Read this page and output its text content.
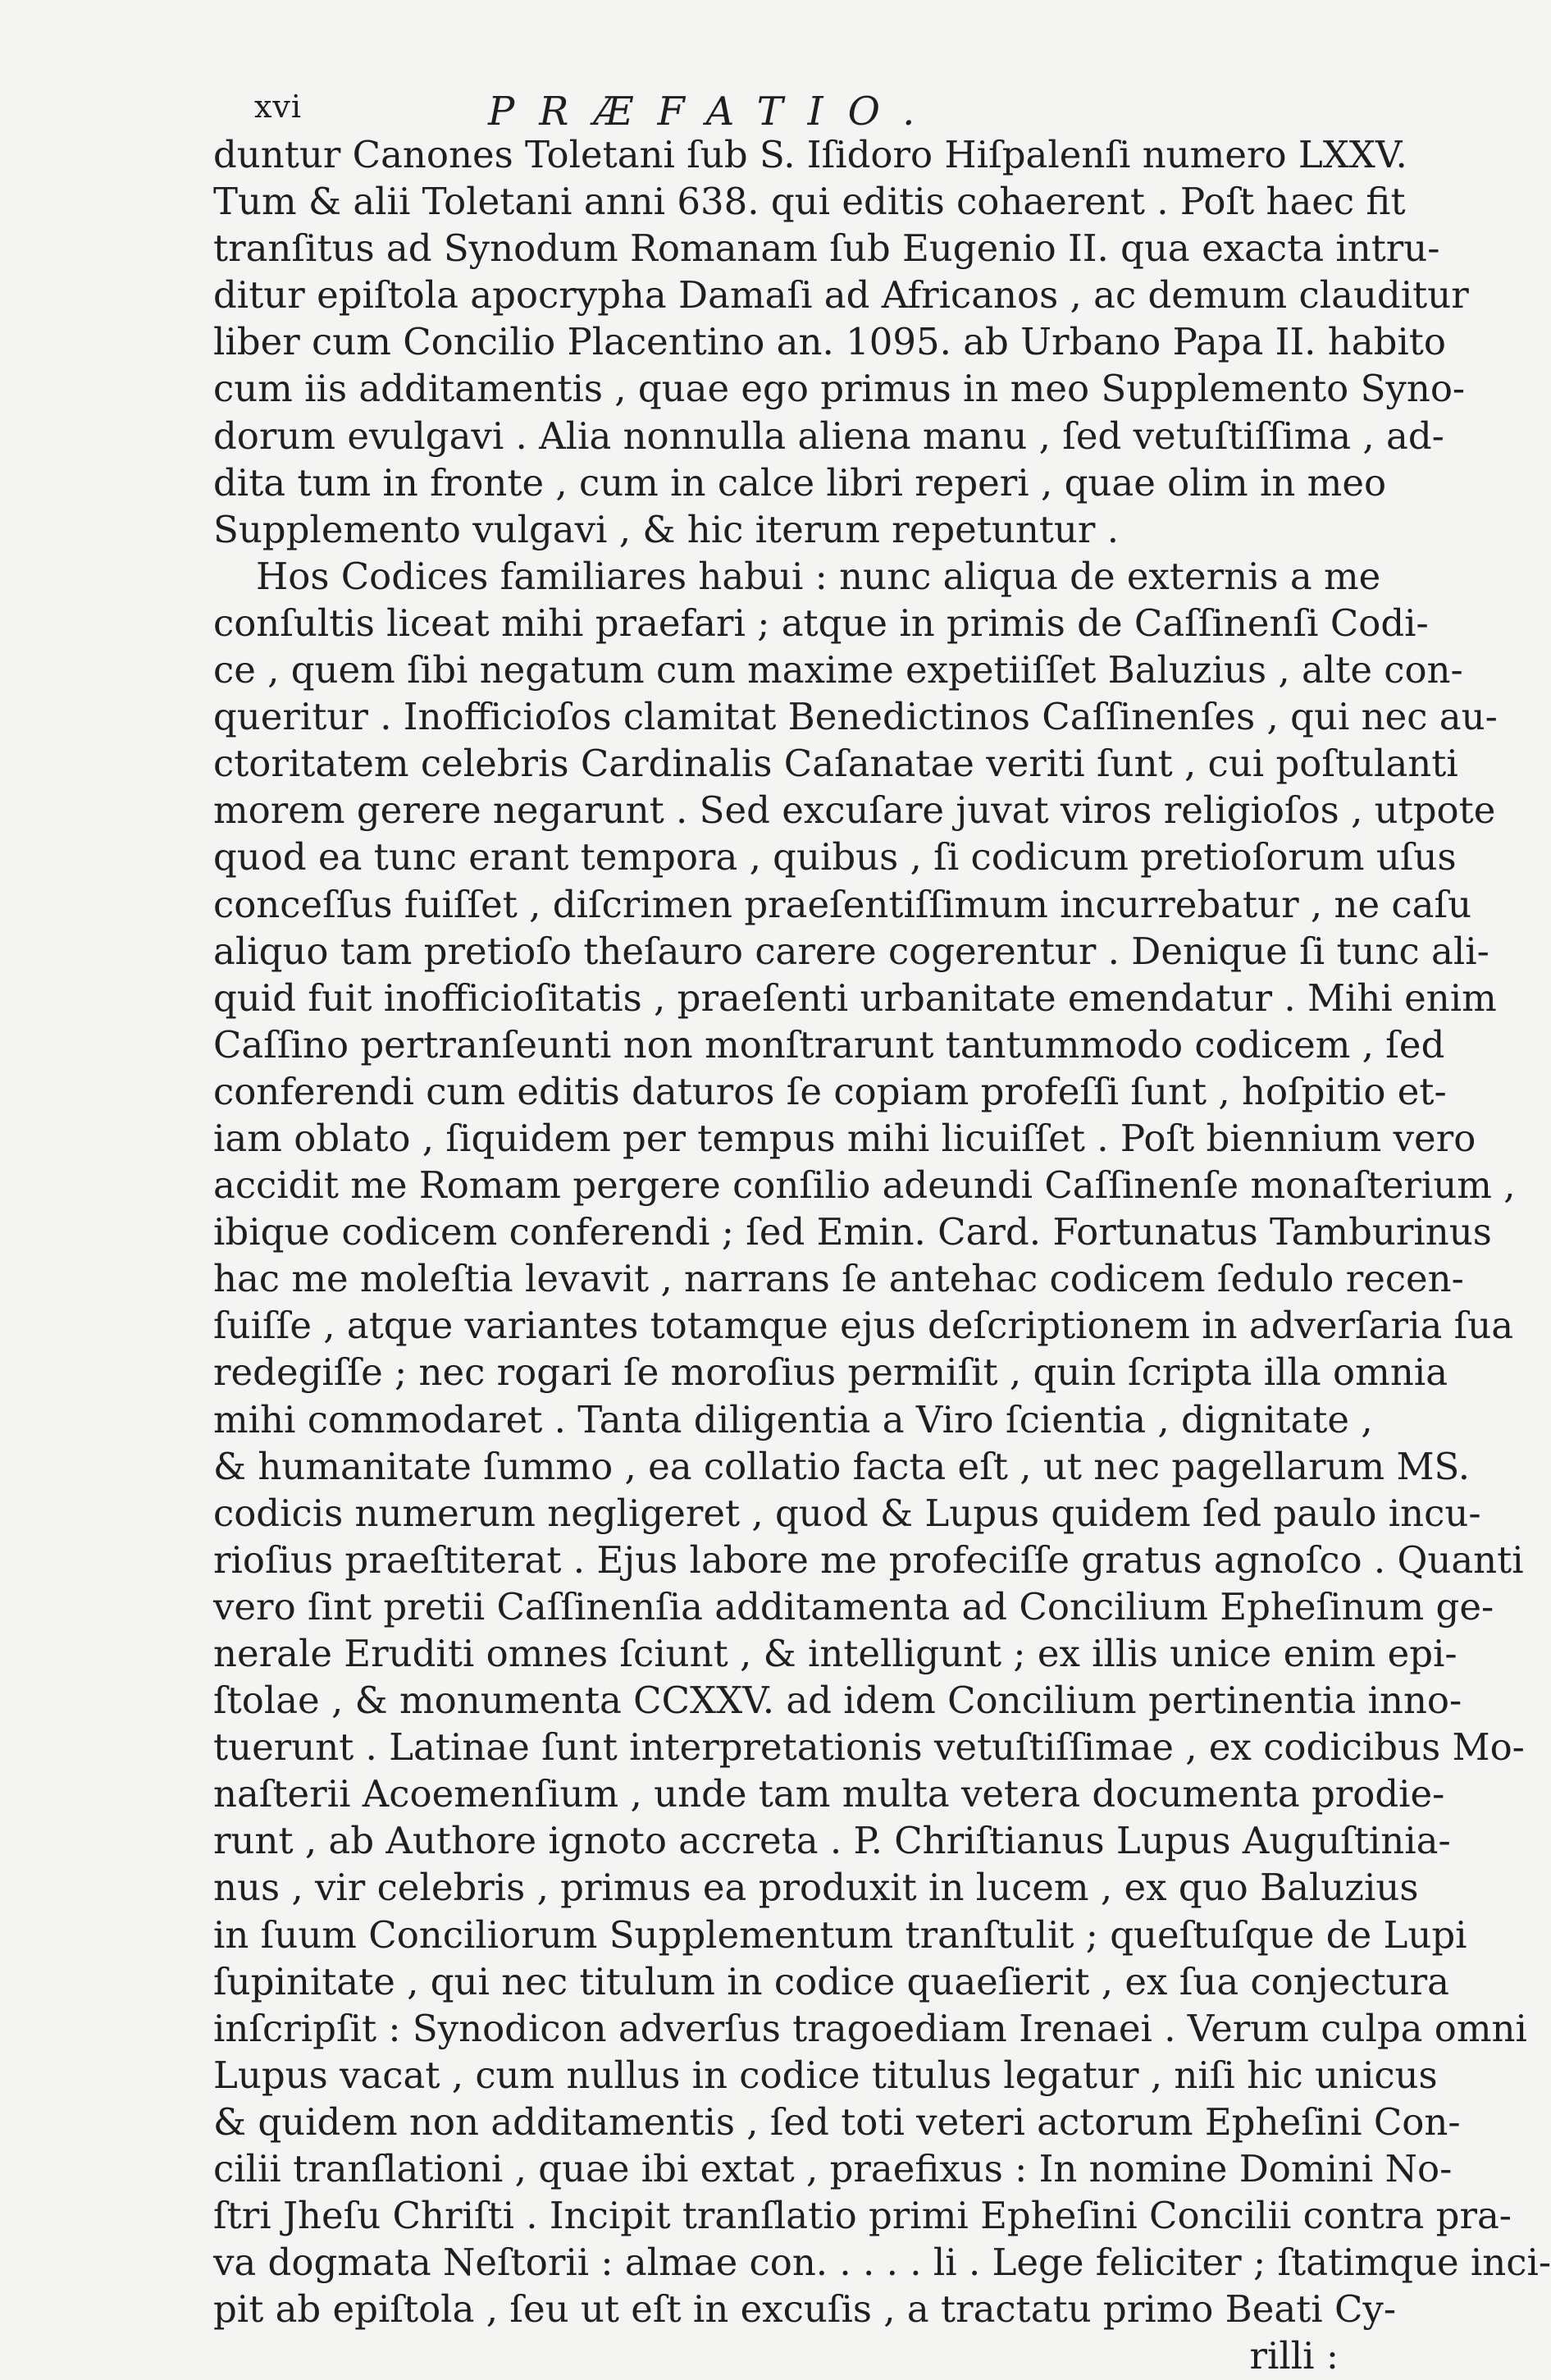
xvi	PRÆFATIO.
duntur Canones Toletani ſub S. Iſidoro Hiſpalenſi numero LXXV.
Tum & alii Toletani anni 638. qui editis cohaerent . Poſt haec fit
tranſitus ad Synodum Romanam ſub Eugenio II. qua exacta intru-
ditur epiſtola apocrypha Damaſi ad Africanos , ac demum clauditur
liber cum Concilio Placentino an. 1095. ab Urbano Papa II. habito
cum iis additamentis , quae ego primus in meo Supplemento Syno-
dorum evulgavi . Alia nonnulla aliena manu , ſed vetuſtiſſima , ad-
dita tum in fronte , cum in calce libri reperi , quae olim in meo
Supplemento vulgavi , & hic iterum repetuntur .
Hos Codices familiares habui : nunc aliqua de externis a me
conſultis liceat mihi praefari ; atque in primis de Caſſinenſi Codi-
ce , quem ſibi negatum cum maxime expetiiſſet Baluzius , alte con-
queritur . Inofficioſos clamitat Benedictinos Caſſinenſes , qui nec au-
ctoritatem celebris Cardinalis Caſanatae veriti ſunt , cui poſtulanti
morem gerere negarunt . Sed excuſare juvat viros religioſos , utpote
quod ea tunc erant tempora , quibus , ſi codicum pretioſorum uſus
conceſſus fuiſſet , diſcrimen praeſentiſſimum incurrebatur , ne caſu
aliquo tam pretioſo theſauro carere cogerentur . Denique ſi tunc ali-
quid fuit inofficioſitatis , praeſenti urbanitate emendatur . Mihi enim
Caſſino pertranſeunti non monſtrarunt tantummodo codicem , ſed
conferendi cum editis daturos ſe copiam profeſſi ſunt , hoſpitio et-
iam oblato , ſiquidem per tempus mihi licuiſſet . Poſt biennium vero
accidit me Romam pergere conſilio adeundi Caſſinenſe monaſterium ,
ibique codicem conferendi ; ſed Emin. Card. Fortunatus Tamburinus
hac me moleſtia levavit , narrans ſe antehac codicem ſedulo recen-
ſuiſſe , atque variantes totamque ejus deſcriptionem in adverſaria ſua
redegiſſe ; nec rogari ſe moroſius permiſit , quin ſcripta illa omnia
mihi commodaret . Tanta diligentia a Viro ſcientia , dignitate ,
& humanitate ſummo , ea collatio facta eſt , ut nec pagellarum MS.
codicis numerum negligeret , quod & Lupus quidem ſed paulo incu-
rioſius praeſtiterat . Ejus labore me profeciſſe gratus agnoſco . Quanti
vero ſint pretii Caſſinenſia additamenta ad Concilium Epheſinum ge-
nerale Eruditi omnes ſciunt , & intelligunt ; ex illis unice enim epi-
ſtolae , & monumenta CCXXV. ad idem Concilium pertinentia inno-
tuerunt . Latinae ſunt interpretationis vetuſtiſſimae , ex codicibus Mo-
naſterii Acoemenſium , unde tam multa vetera documenta prodie-
runt , ab Authore ignoto accreta . P. Chriſtianus Lupus Auguſtinia-
nus , vir celebris , primus ea produxit in lucem , ex quo Baluzius
in ſuum Conciliorum Supplementum tranſtulit ; queſtuſque de Lupi
ſupinitate , qui nec titulum in codice quaeſierit , ex ſua conjectura
inſcripſit : Synodicon adverſus tragoediam Irenaei . Verum culpa omni
Lupus vacat , cum nullus in codice titulus legatur , niſi hic unicus
& quidem non additamentis , ſed toti veteri actorum Epheſini Con-
cilii tranſlationi , quae ibi extat , praefixus : In nomine Domini No-
ſtri Jheſu Chriſti . Incipit tranſlatio primi Epheſini Concilii contra pra-
va dogmata Neſtorii : almae con. . . . . li . Lege feliciter ; ſtatimque inci-
pit ab epiſtola , ſeu ut eſt in excuſis , a tractatu primo Beati Cy-
rilli :
